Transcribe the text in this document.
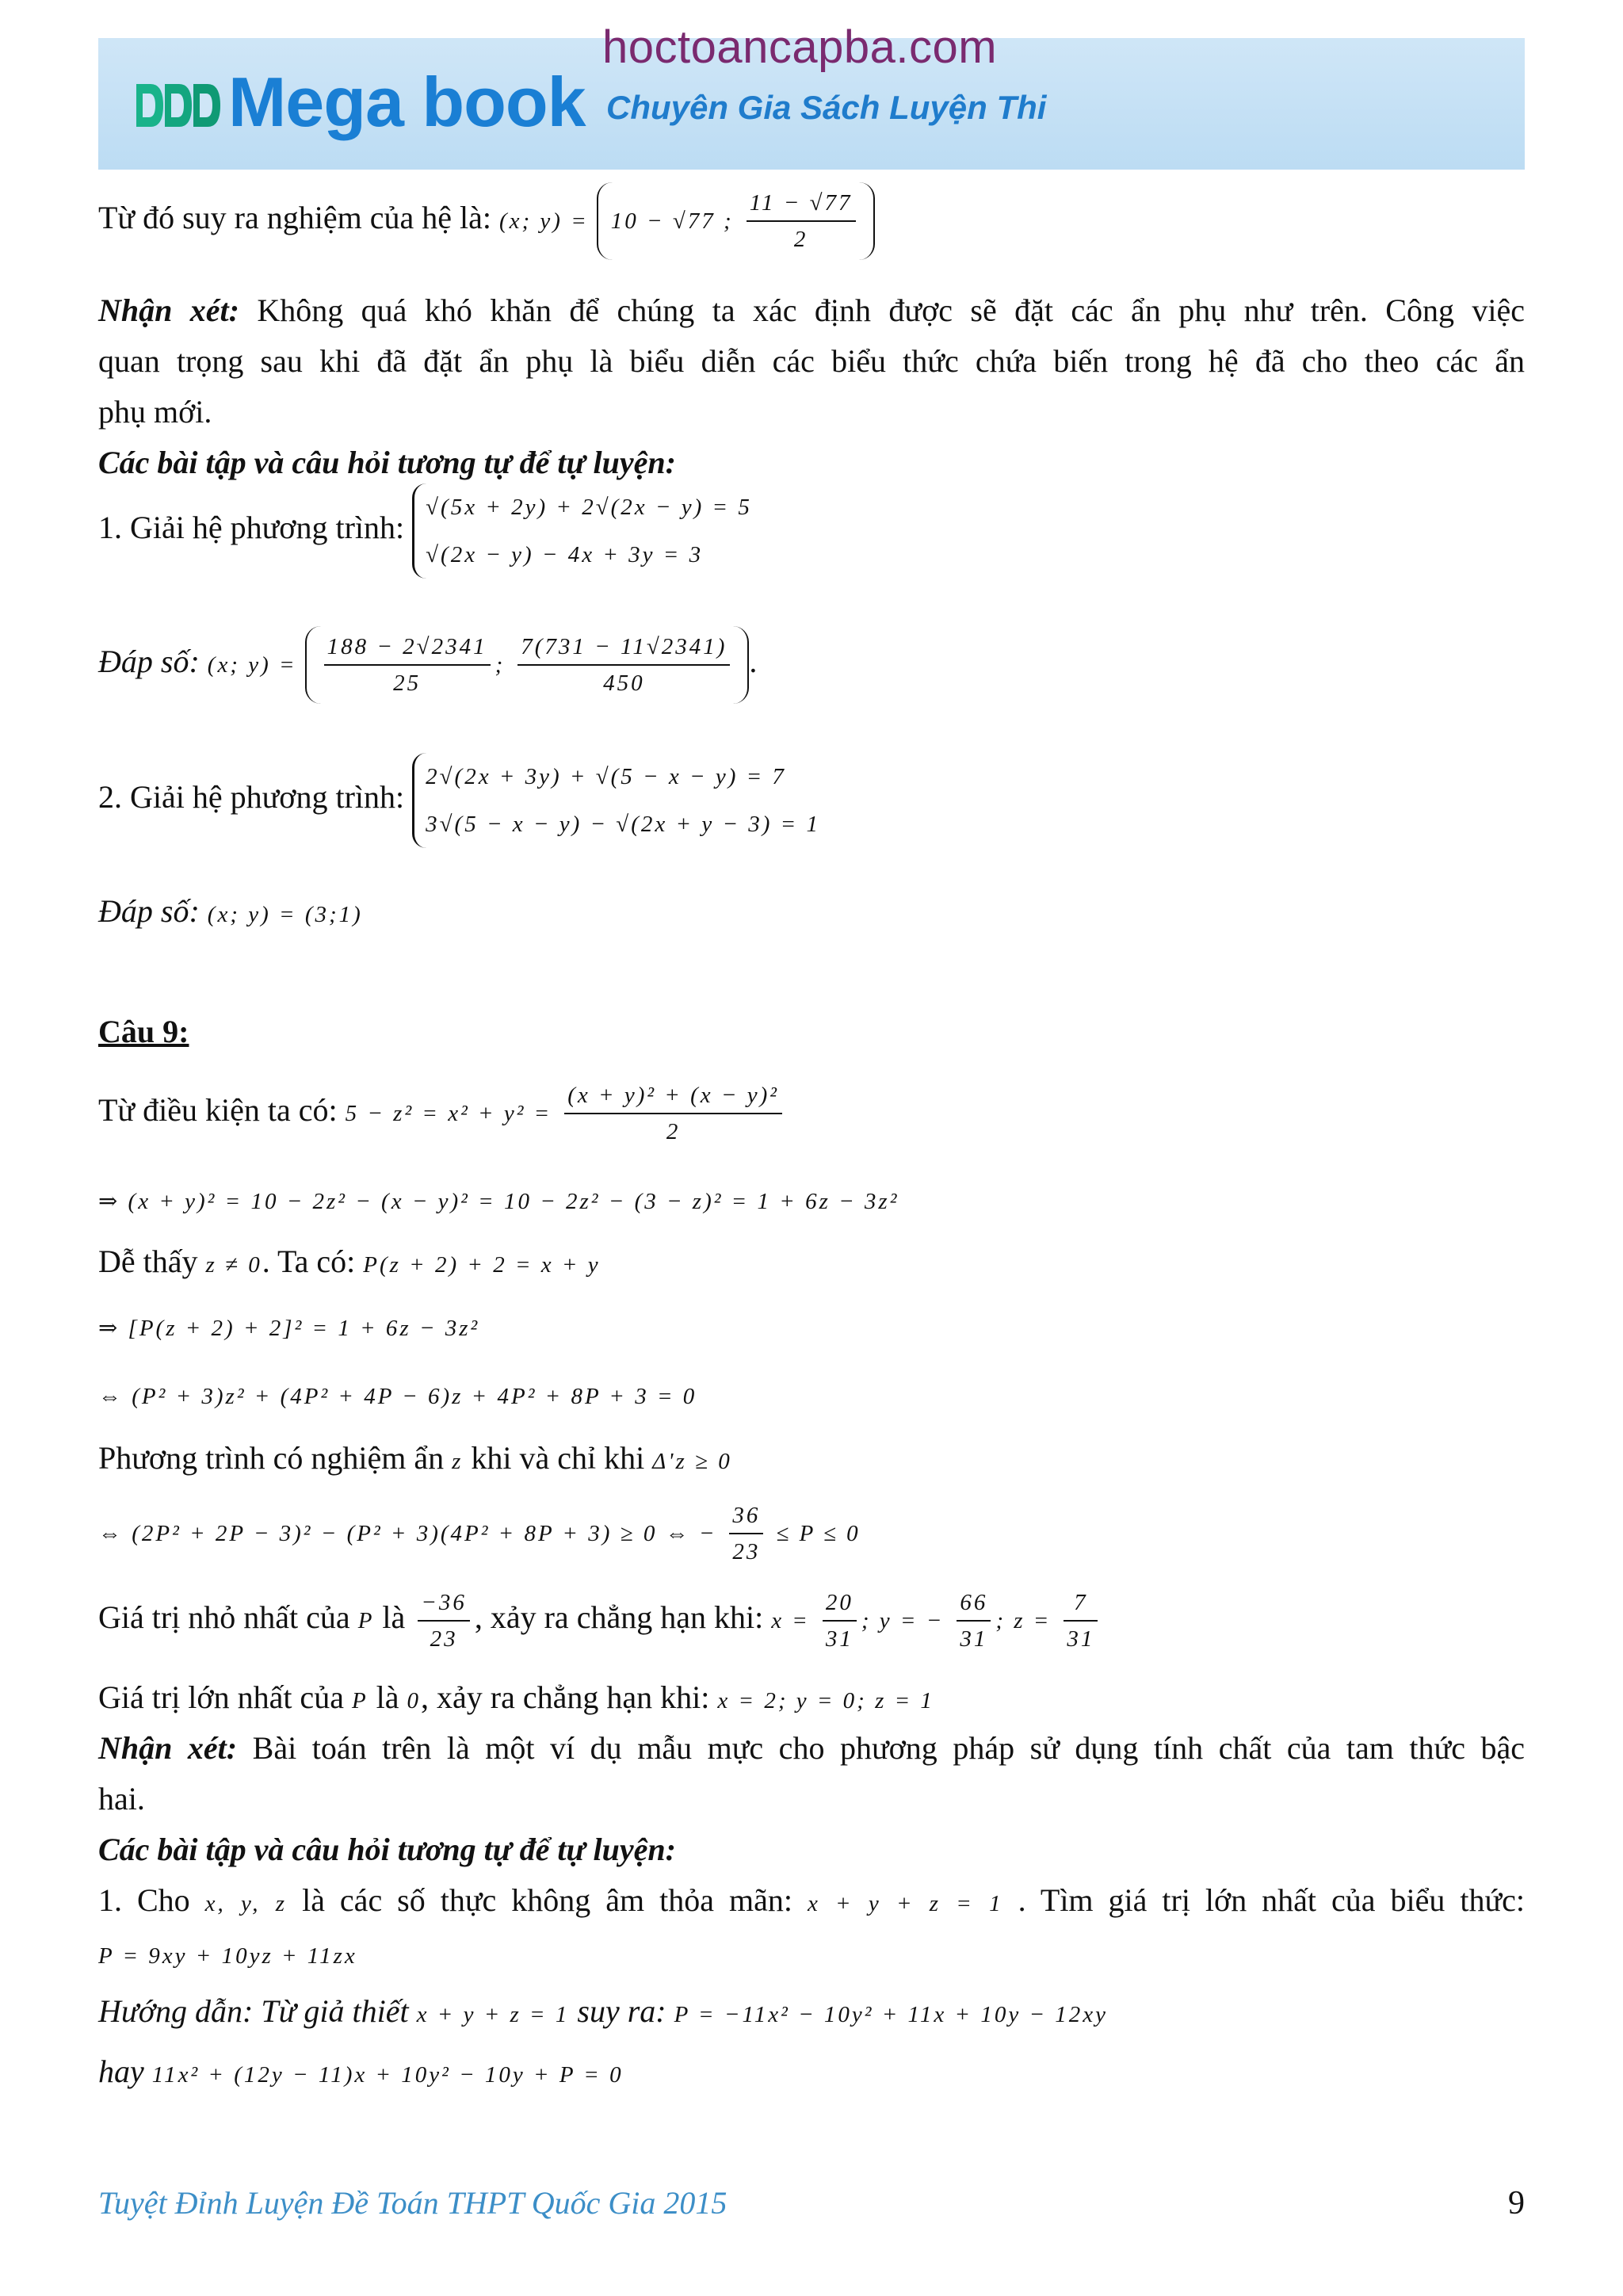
hoctoancapba.com
Mega book Chuyên Gia Sách Luyện Thi
Từ đó suy ra nghiệm của hệ là: (x; y) = 10 − √77 ; $\frac{11 - √77}{2}$
Nhận xét: Không quá khó khăn để chúng ta xác định được sẽ đặt các ẩn phụ như trên. Công việc
quan trọng sau khi đã đặt ẩn phụ là biểu diễn các biểu thức chứa biến trong hệ đã cho theo các ẩn
phụ mới.
Các bài tập và câu hỏi tương tự để tự luyện:
1. Giải hệ phương trình:
√(5x + 2y) + 2√(2x − y) = 5
√(2x − y) − 4x + 3y = 3
Đáp số: (x; $y) = \frac{188 - 2√2341}{25}$ ; $\frac{7(731 - 11√2341)}{450}$ .
2. Giải hệ phương trình:
2√(2x + 3y) + √(5 − x − y) = 7
3√(5 − x − y) − √(2x + y − 3) = 1
Đáp số: (x; y) = (3;1)
Câu 9:
Từ điều kiện ta có: $5 - z^2 = x^2 + y^2 = \frac{\text{(x + y)² + (x − y)²}}{2}$
⇒ (x + y)² = 10 − 2z² − (x − y)² = 10 − 2z² − (3 − z)² = 1 + 6z − 3z²
Dễ thấy z ≠ 0. Ta có: P(z + 2) + 2 = x + y
⇒ [P(z + 2) + 2]² = 1 + 6z − 3z²
⇔ (P² + 3)z² + (4P² + 4P − 6)z + 4P² + 8P + 3 = 0
Phương trình có nghiệm ẩn z khi và chỉ khi Δ'z ≥ 0
⇔ (2P² + 2P − 3)² − (P² + 3)(4P² + 8P + 3) ≥ 0 ⇔ − $\frac{36}{23} \le P \le 0$
Giá trị nhỏ nhất của P là $\frac{-36}{23}$ , xảy ra chẳng hạn khi: $x = \frac{20}{31}$ ; y = − $\frac{66}{31}$ ; $z = \frac{7}{31}$
Giá trị lớn nhất của P là 0, xảy ra chẳng hạn khi: x = 2; y = 0; z = 1
Nhận xét: Bài toán trên là một ví dụ mẫu mực cho phương pháp sử dụng tính chất của tam thức bậc
hai.
Các bài tập và câu hỏi tương tự để tự luyện:
1. Cho x, y, z là các số thực không âm thỏa mãn: x + y + z = 1 . Tìm giá trị lớn nhất của biểu thức:
P = 9xy + 10yz + 11zx
Hướng dẫn: Từ giả thiết x + y + z = 1 suy ra: P = −11x² − 10y² + 11x + 10y − 12xy
hay 11x² + (12y − 11)x + 10y² − 10y + P = 0
Tuyệt Đỉnh Luyện Đề Toán THPT Quốc Gia 2015	9
